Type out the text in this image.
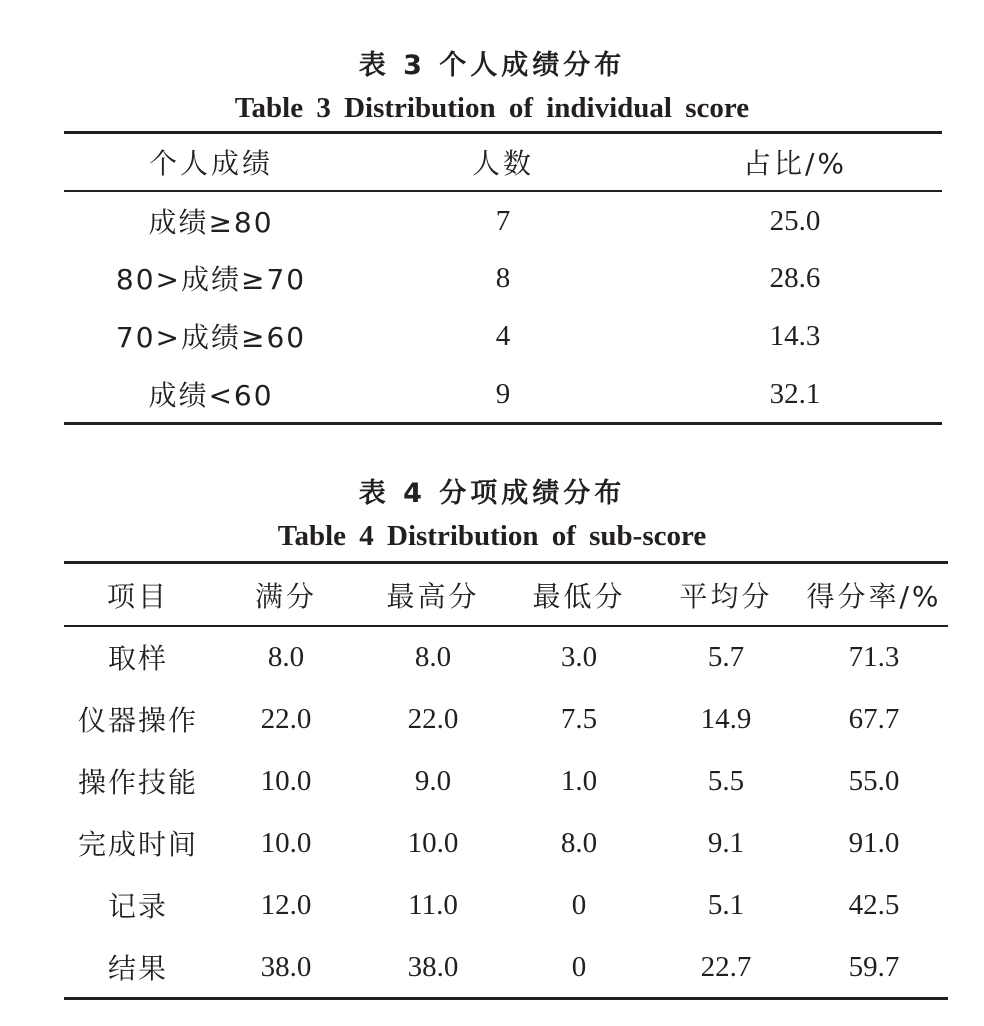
表 3 个人成绩分布
Table 3 Distribution of individual score
个人成绩	人数	占比/%
成绩≥80	7	25.0
80>成绩≥70	8	28.6
70>成绩≥60	4	14.3
成绩<60	9	32.1
表 4 分项成绩分布
Table 4 Distribution of sub-score
项目	满分	最高分	最低分	平均分	得分率/%
取样	8.0	8.0	3.0	5.7	71.3
仪器操作	22.0	22.0	7.5	14.9	67.7
操作技能	10.0	9.0	1.0	5.5	55.0
完成时间	10.0	10.0	8.0	9.1	91.0
记录	12.0	11.0	0	5.1	42.5
结果	38.0	38.0	0	22.7	59.7
